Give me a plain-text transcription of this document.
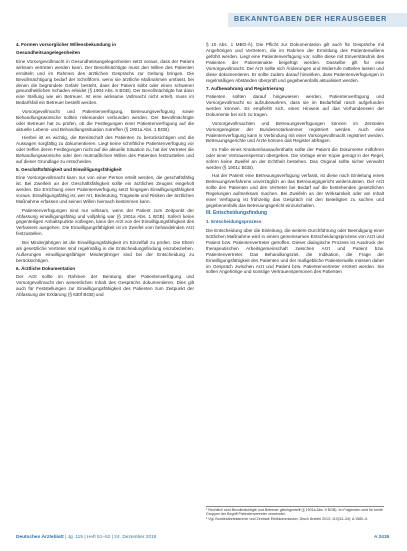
BEKANNTGABEN DER HERAUSGEBER

4. Formen vorsorglicher Willensbekundung in

Gesundheitsangelegenheiten

Eine Vorsorgevollmacht in Gesundheitsangelegenheiten setzt voraus, dass der Patient wirksam vertreten werden kann. Der Bevollmächtigte muss den Willen des Patienten ermitteln und im Rahmen des ärztlichen Gesprächs zur Geltung bringen. Die Bevollmächtigung bedarf der Schriftform, wenn sie ärztliche Maßnahmen umfasst, bei denen die begründete Gefahr besteht, dass der Patient stirbt oder einen schweren gesundheitlichen Schaden erleidet (§ 1904 Abs. 5 BGB). Der Bevollmächtigte hat dann eine Stellung wie ein Betreuer. Ist eine wirksame Vollmacht nicht erteilt, muss im Bedarfsfall ein Betreuer bestellt werden.

Vorsorgevollmacht und Patientenverfügung, Betreuungsverfügung sowie Behandlungswünsche sollten miteinander verbunden werden. Der Bevollmächtigte oder Betreuer hat zu prüfen, ob die Festlegungen einer Patientenverfügung auf die aktuelle Lebens- und Behandlungssituation zutreffen (§ 1901a Abs. 1 BGB).

Hierbei ist es wichtig, die Bereitschaft des Patienten zu berücksichtigen und die Aussagen sorgfältig zu dokumentieren. Liegt keine schriftliche Patientenverfügung vor oder treffen deren Festlegungen nicht auf die aktuelle Situation zu, hat der Vertreter die Behandlungswünsche oder den mutmaßlichen Willen des Patienten festzustellen und auf dieser Grundlage zu entscheiden.

5. Geschäftsfähigkeit und Einwilligungsfähigkeit

Eine Vorsorgevollmacht kann nur von einer Person erteilt werden, die geschäftsfähig ist. Bei Zweifeln an der Geschäftsfähigkeit sollte ein ärztliches Zeugnis eingeholt werden. Die Errichtung einer Patientenverfügung setzt hingegen Einwilligungsfähigkeit voraus. Einwilligungsfähig ist, wer Art, Bedeutung, Tragweite und Risiken der ärztlichen Maßnahme erfassen und seinen Willen hiernach bestimmen kann.

Patientenverfügungen sind nur wirksam, wenn der Patient zum Zeitpunkt der Abfassung einwilligungsfähig und volljährig war (§ 1901a Abs. 1 BGB). Sofern keine gegenteiligen Anhaltspunkte vorliegen, kann der Arzt von der Einwilligungsfähigkeit des Verfassers ausgehen. Die Einwilligungsfähigkeit ist im Zweifel vom behandelnden Arzt festzustellen.

Bei Minderjährigen ist die Einwilligungsfähigkeit im Einzelfall zu prüfen. Die Eltern als gesetzliche Vertreter sind regelmäßig in die Entscheidungsfindung einzubeziehen. Äußerungen einwilligungsfähiger Minderjähriger sind bei der Entscheidung zu berücksichtigen.

6. Ärztliche Dokumentation

Der Arzt sollte im Rahmen der Beratung über Patientenverfügung und Vorsorgevollmacht den wesentlichen Inhalt des Gesprächs dokumentieren. Dies gilt auch für Feststellungen zur Einwilligungsfähigkeit des Patienten zum Zeitpunkt der Abfassung der Erklärung (§ 630f BGB) und

§ 10 Abs. 1 MBO-Ä). Die Pflicht zur Dokumentation gilt auch für Gespräche mit Angehörigen und Vertretern, die im Rahmen der Ermittlung des Patientenwillens geführt werden. Liegt eine Patientenverfügung vor, sollte diese mit Einverständnis des Patienten der Patientenakte beigefügt werden. Dasselbe gilt für eine Vorsorgevollmacht. Der Arzt sollte sich Änderungen und Widerrufe mitteilen lassen und diese dokumentieren. Er sollte zudem darauf hinwirken, dass Patientenverfügungen in regelmäßigen Abständen überprüft und gegebenenfalls aktualisiert werden.

7. Aufbewahrung und Registrierung

Patienten sollten darauf hingewiesen werden, Patientenverfügung und Vorsorgevollmacht so aufzubewahren, dass sie im Bedarfsfall rasch aufgefunden werden können. Es empfiehlt sich, einen Hinweis auf das Vorhandensein der Dokumente bei sich zu tragen.

Vorsorgevollmachten und Betreuungsverfügungen können im Zentralen Vorsorgeregister der Bundesnotarkammer registriert werden. Auch eine Patientenverfügung kann in Verbindung mit einer Vorsorgevollmacht registriert werden. Betreuungsgerichte und Ärzte können das Register abfragen.

Im Falle eines Krankenhausaufenthalts sollte der Patient die Dokumente mitführen oder einer Vertrauensperson übergeben. Die Vorlage einer Kopie genügt in der Regel, sofern keine Zweifel an der Echtheit bestehen. Das Original sollte sicher verwahrt werden (§ 1901c BGB).

Hat der Patient eine Betreuungsverfügung verfasst, ist diese nach Einleitung eines Betreuungsverfahrens unverzüglich an das Betreuungsgericht weiterzuleiten. Der Arzt sollte den Patienten und den Vertreter bei Bedarf auf die bestehenden gesetzlichen Regelungen aufmerksam machen. Bei Zweifeln an der Wirksamkeit oder am Inhalt einer Verfügung ist frühzeitig das Gespräch mit den Beteiligten zu suchen und gegebenenfalls das Betreuungsgericht einzuschalten.

III. Entscheidungsfindung

1. Entscheidungsprozess

Die Entscheidung über die Einleitung, die weitere Durchführung oder Beendigung einer ärztlichen Maßnahme wird in einem gemeinsamen Entscheidungsprozess von Arzt und Patient bzw. Patientenvertreter getroffen. Dieser dialogische Prozess ist Ausdruck der therapeutischen Arbeitsgemeinschaft zwischen Arzt und Patient bzw. Patientenvertreter. Das Behandlungsziel, die Indikation, die Frage der Einwilligungsfähigkeit des Patienten und der maßgebliche Patientenwille müssen daher im Gespräch zwischen Arzt und Patient bzw. Patientenvertreter erörtert werden. Sie sollen Angehörige und sonstige Vertrauenspersonen des Patienten

¹ Rechtlich sind Bevollmächtigte und Betreuer gleichgestellt (§ 1901a Abs. 5 BGB). Im Folgenden wird für beide Gruppen der Begriff Patientenvertreter verwendet.

² Vgl. Bundesärztekammer und Zentrale Ethikkommission, Dtsch Ärztebl 2013; 110(33–34): A 1580–5.

Deutsches Ärzteblatt | Jg. 115 | Heft 51–52 | 24. Dezember 2018	A 2435
